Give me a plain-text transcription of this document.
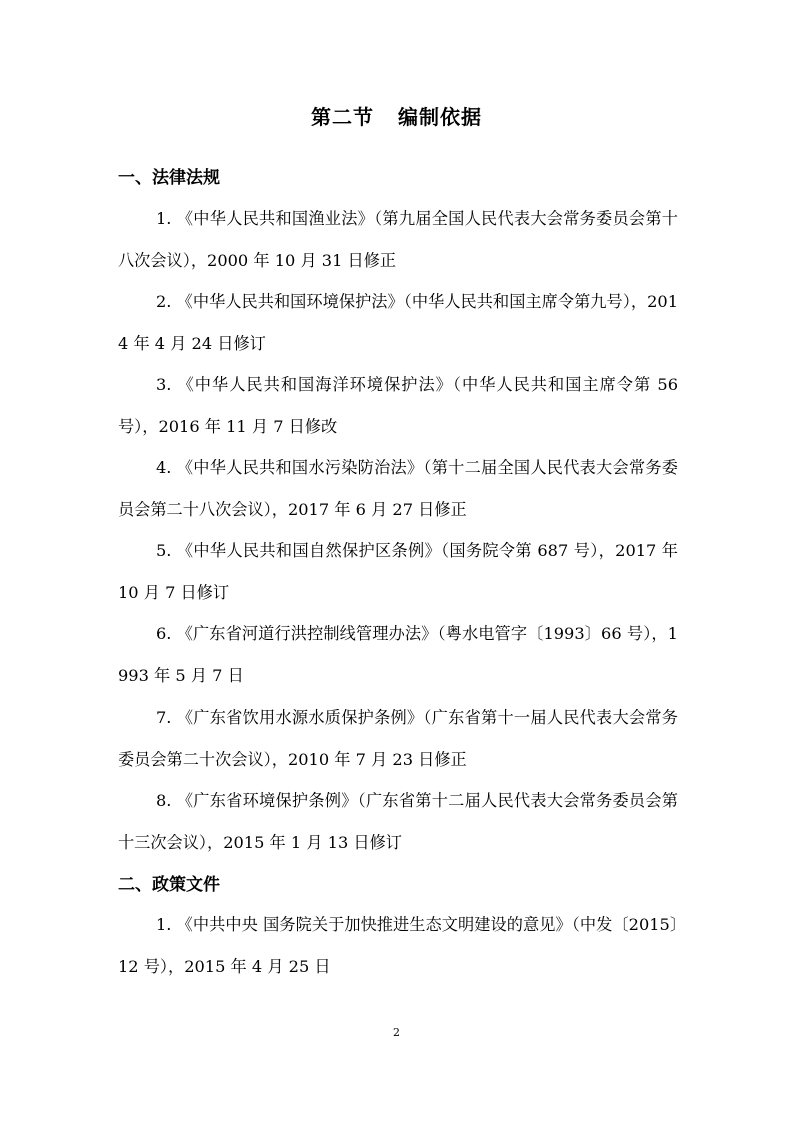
第二节 编制依据
一、法律法规
1. 《中华人民共和国渔业法》（第九届全国人民代表大会常务委员会第十八次会议），2000 年 10 月 31 日修正
2. 《中华人民共和国环境保护法》（中华人民共和国主席令第九号），2014 年 4 月 24 日修订
3. 《中华人民共和国海洋环境保护法》（中华人民共和国主席令第 56 号），2016 年 11 月 7 日修改
4. 《中华人民共和国水污染防治法》（第十二届全国人民代表大会常务委员会第二十八次会议），2017 年 6 月 27 日修正
5. 《中华人民共和国自然保护区条例》（国务院令第 687 号），2017 年 10 月 7 日修订
6. 《广东省河道行洪控制线管理办法》（粤水电管字〔1993〕66 号），1993 年 5 月 7 日
7. 《广东省饮用水源水质保护条例》（广东省第十一届人民代表大会常务委员会第二十次会议），2010 年 7 月 23 日修正
8. 《广东省环境保护条例》（广东省第十二届人民代表大会常务委员会第十三次会议），2015 年 1 月 13 日修订
二、政策文件
1. 《中共中央 国务院关于加快推进生态文明建设的意见》（中发〔2015〕12 号），2015 年 4 月 25 日
2
